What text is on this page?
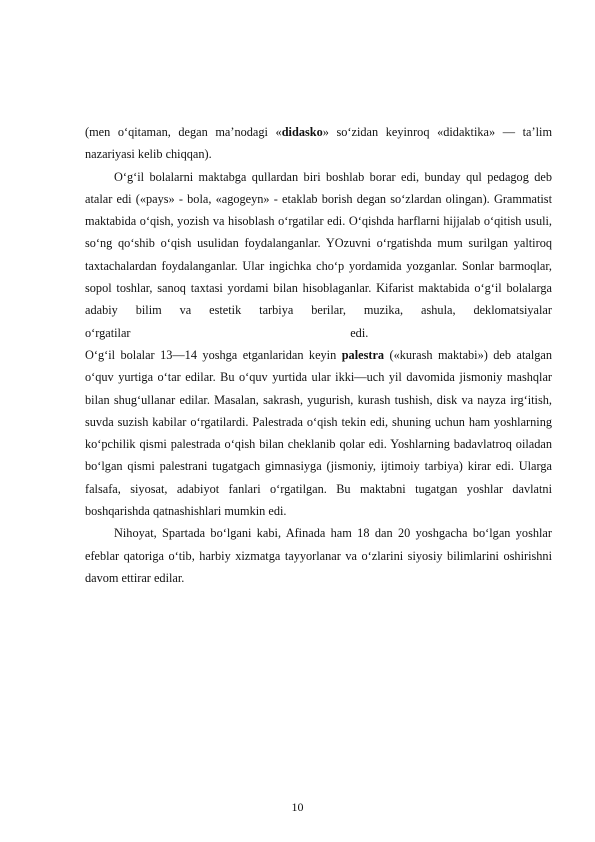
(men o‘qitaman, degan ma’nodagi «didasko» so‘zidan keyinroq «didaktika» — ta’lim nazariyasi kelib chiqqan).

O‘g‘il bolalarni maktabga qullardan biri boshlab borar edi, bunday qul pedagog deb atalar edi («pays» - bola, «agogeyn» - etaklab borish degan so‘zlardan olingan). Grammatist maktabida o‘qish, yozish va hisoblash o‘rgatilar edi. O‘qishda harflarni hijjalab o‘qitish usuli, so‘ng qo‘shib o‘qish usulidan foydalanganlar. YOzuvni o‘rgatishda mum surilgan yaltiroq taxtachalardan foydalanganlar. Ular ingichka cho‘p yordamida yozganlar. Sonlar barmoqlar, sopol toshlar, sanoq taxtasi yordami bilan hisoblaganlar. Kifarist maktabida o‘g‘il bolalarga adabiy bilim va estetik tarbiya berilar, muzika, ashula, deklomatsiyalar
o‘rgatilar	edi.

O‘g‘il bolalar 13—14 yoshga etganlaridan keyin palestra («kurash maktabi») deb atalgan o‘quv yurtiga o‘tar edilar. Bu o‘quv yurtida ular ikki—uch yil davomida jismoniy mashqlar bilan shug‘ullanar edilar. Masalan, sakrash, yugurish, kurash tushish, disk va nayza irg‘itish, suvda suzish kabilar o‘rgatilardi. Palestrada o‘qish tekin edi, shuning uchun ham yoshlarning ko‘pchilik qismi palestrada o‘qish bilan cheklanib qolar edi. Yoshlarning badavlatroq oiladan bo‘lgan qismi palestrani tugatgach gimnasiyga (jismoniy, ijtimoiy tarbiya) kirar edi. Ularga falsafa, siyosat, adabiyot fanlari o‘rgatilgan. Bu maktabni tugatgan yoshlar davlatni boshqarishda qatnashishlari mumkin edi.

Nihoyat, Spartada bo‘lgani kabi, Afinada ham 18 dan 20 yoshgacha bo‘lgan yoshlar efeblar qatoriga o‘tib, harbiy xizmatga tayyorlanar va o‘zlarini siyosiy bilimlarini oshirishni davom ettirar edilar.

10
